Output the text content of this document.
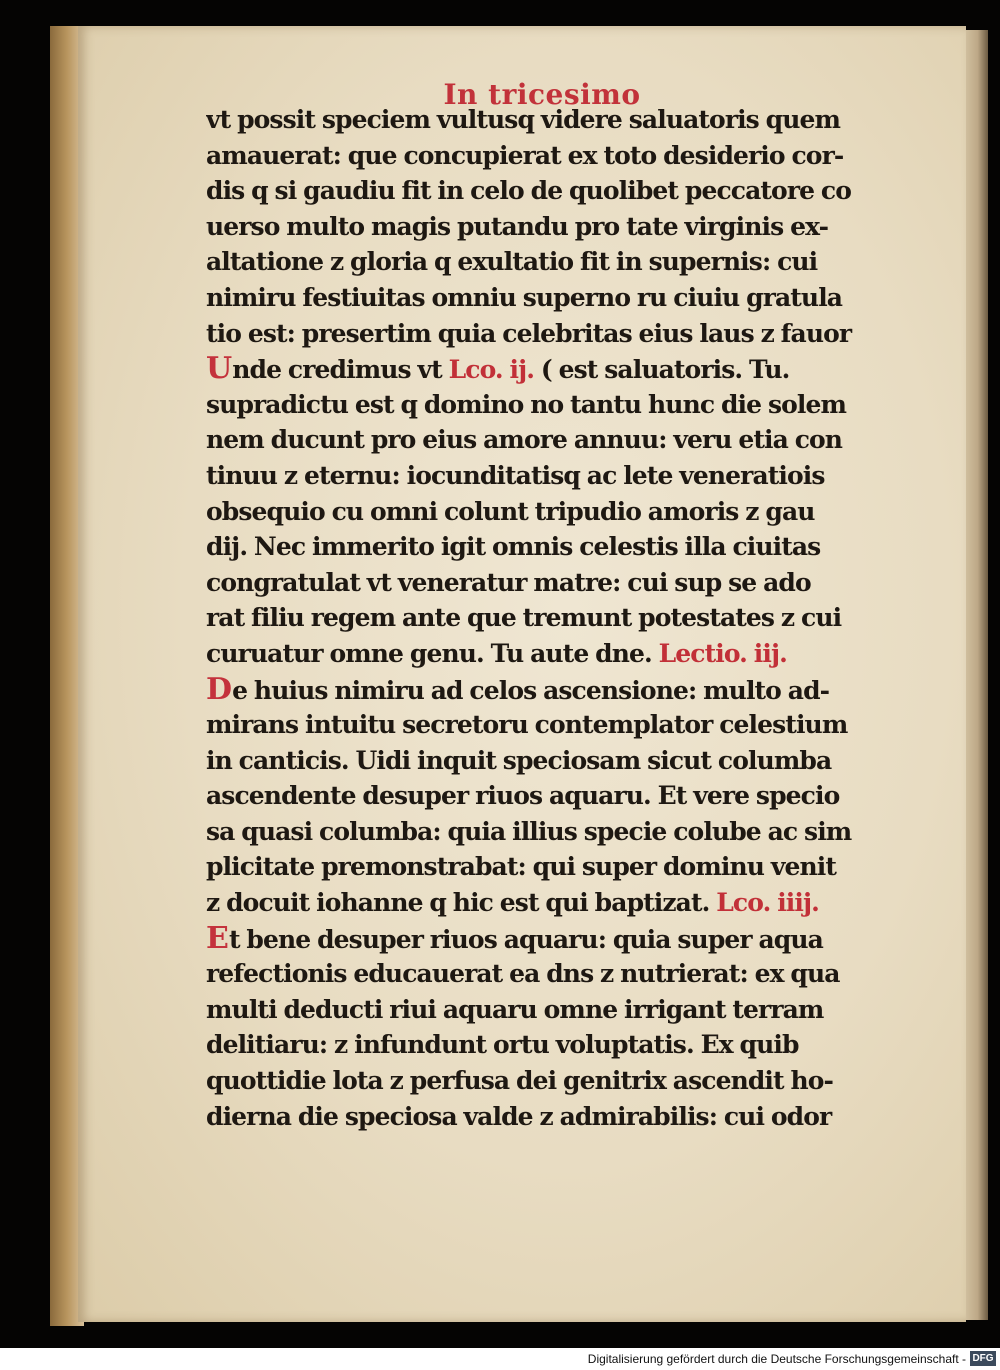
In tricesimo
vt possit speciem vultusq videre saluatoris quem
amauerat: que concupierat ex toto desiderio cor-
dis q si gaudiu fit in celo de quolibet peccatore co
uerso multo magis putandu pro tate virginis ex-
altatione z gloria q exultatio fit in supernis: cui
nimiru festiuitas omniu superno ru ciuiu gratula
tio est: presertim quia celebritas eius laus z fauor
Unde credimus vt Lco. ij. ( est saluatoris. Tu.
supradictu est q domino no tantu hunc die solem
nem ducunt pro eius amore annuu: veru etia con
tinuu z eternu: iocunditatisq ac lete veneratiois
obsequio cu omni colunt tripudio amoris z gau
dij. Nec immerito igit omnis celestis illa ciuitas
congratulat vt veneratur matre: cui sup se ado
rat filiu regem ante que tremunt potestates z cui
curuatur omne genu. Tu aute dne. Lectio. iij.
De huius nimiru ad celos ascensione: multo ad-
mirans intuitu secretoru contemplator celestium
in canticis. Uidi inquit speciosam sicut columba
ascendente desuper riuos aquaru. Et vere specio
sa quasi columba: quia illius specie colube ac sim
plicitate premonstrabat: qui super dominu venit
z docuit iohanne q hic est qui baptizat. Lco. iiij.
Et bene desuper riuos aquaru: quia super aqua
refectionis educauerat ea dns z nutrierat: ex qua
multi deducti riui aquaru omne irrigant terram
delitiaru: z infundunt ortu voluptatis. Ex quib
quottidie lota z perfusa dei genitrix ascendit ho-
dierna die speciosa valde z admirabilis: cui odor
Digitalisierung gefördert durch die Deutsche Forschungsgemeinschaft - DFG
